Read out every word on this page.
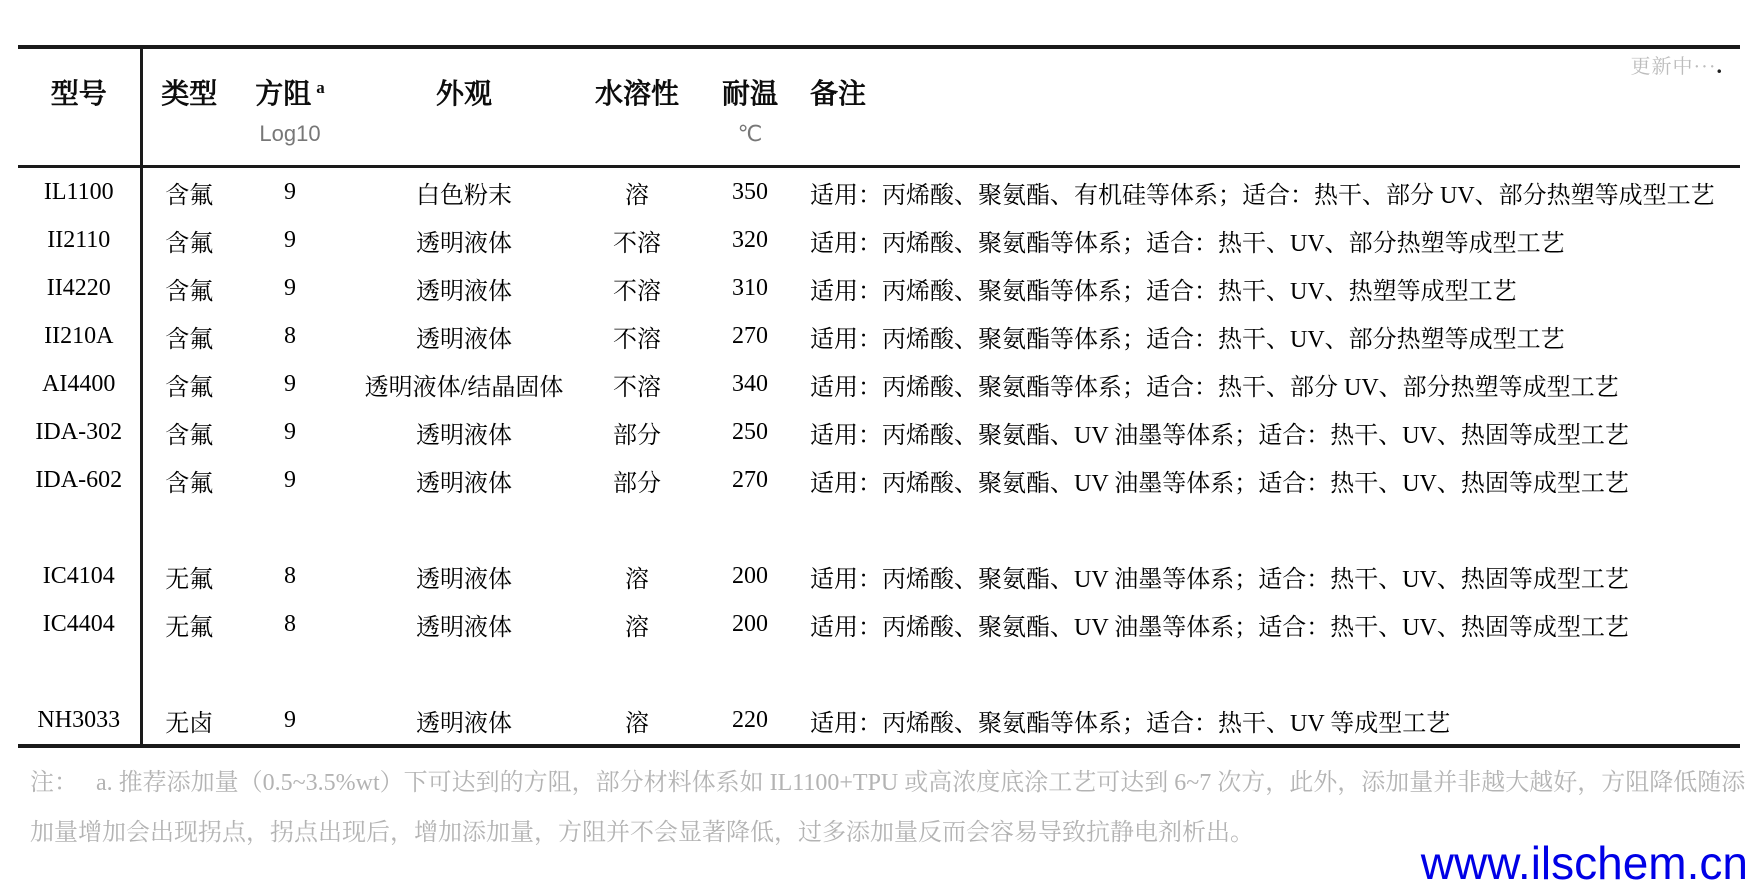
更新中···.
型号	类型	方阻 $^a$	外观	水溶性	耐温	备注
		Log10			℃	
IL1100	含氟	9	白色粉末	溶	350	适用：丙烯酸、聚氨酯、有机硅等体系；适合：热干、部分 UV、部分热塑等成型工艺
II2110	含氟	9	透明液体	不溶	320	适用：丙烯酸、聚氨酯等体系；适合：热干、UV、部分热塑等成型工艺
II4220	含氟	9	透明液体	不溶	310	适用：丙烯酸、聚氨酯等体系；适合：热干、UV、热塑等成型工艺
II210A	含氟	8	透明液体	不溶	270	适用：丙烯酸、聚氨酯等体系；适合：热干、UV、部分热塑等成型工艺
AI4400	含氟	9	透明液体/结晶固体	不溶	340	适用：丙烯酸、聚氨酯等体系；适合：热干、部分 UV、部分热塑等成型工艺
IDA-302	含氟	9	透明液体	部分	250	适用：丙烯酸、聚氨酯、UV 油墨等体系；适合：热干、UV、热固等成型工艺
IDA-602	含氟	9	透明液体	部分	270	适用：丙烯酸、聚氨酯、UV 油墨等体系；适合：热干、UV、热固等成型工艺

IC4104	无氟	8	透明液体	溶	200	适用：丙烯酸、聚氨酯、UV 油墨等体系；适合：热干、UV、热固等成型工艺
IC4404	无氟	8	透明液体	溶	200	适用：丙烯酸、聚氨酯、UV 油墨等体系；适合：热干、UV、热固等成型工艺

NH3033	无卤	9	透明液体	溶	220	适用：丙烯酸、聚氨酯等体系；适合：热干、UV 等成型工艺
注： a. 推荐添加量（0.5~3.5%wt）下可达到的方阻，部分材料体系如 IL1100+TPU 或高浓度底涂工艺可达到 6~7 次方，此外，添加量并非越大越好，方阻降低随添
加量增加会出现拐点，拐点出现后，增加添加量，方阻并不会显著降低，过多添加量反而会容易导致抗静电剂析出。
www.ilschem.cn
